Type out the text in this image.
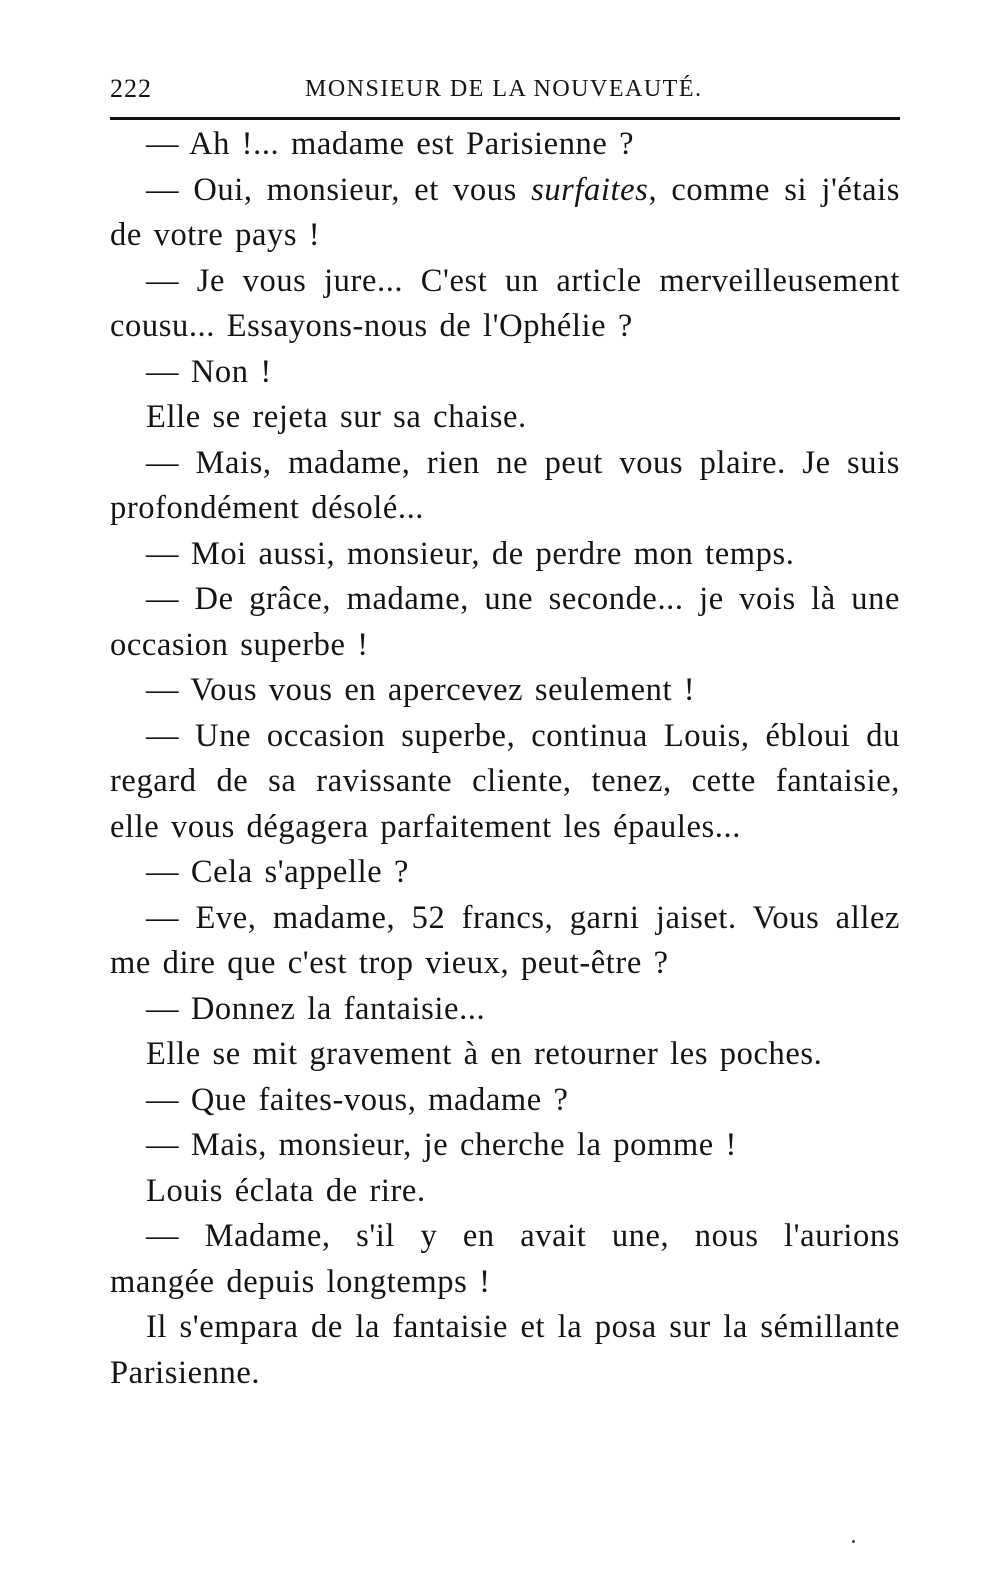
222	MONSIEUR DE LA NOUVEAUTÉ.

— Ah !... madame est Parisienne ?

— Oui, monsieur, et vous surfaites, comme si j'étais de votre pays !

— Je vous jure... C'est un article merveilleusement cousu... Essayons-nous de l'Ophélie ?

— Non !

Elle se rejeta sur sa chaise.

— Mais, madame, rien ne peut vous plaire. Je suis profondément désolé...

— Moi aussi, monsieur, de perdre mon temps.

— De grâce, madame, une seconde... je vois là une occasion superbe !

— Vous vous en apercevez seulement !

— Une occasion superbe, continua Louis, ébloui du regard de sa ravissante cliente, tenez, cette fantaisie, elle vous dégagera parfaitement les épaules...

— Cela s'appelle ?

— Eve, madame, 52 francs, garni jaiset. Vous allez me dire que c'est trop vieux, peut-être ?

— Donnez la fantaisie...

Elle se mit gravement à en retourner les poches.

— Que faites-vous, madame ?

— Mais, monsieur, je cherche la pomme !

Louis éclata de rire.

— Madame, s'il y en avait une, nous l'aurions mangée depuis longtemps !

Il s'empara de la fantaisie et la posa sur la sémillante Parisienne.
